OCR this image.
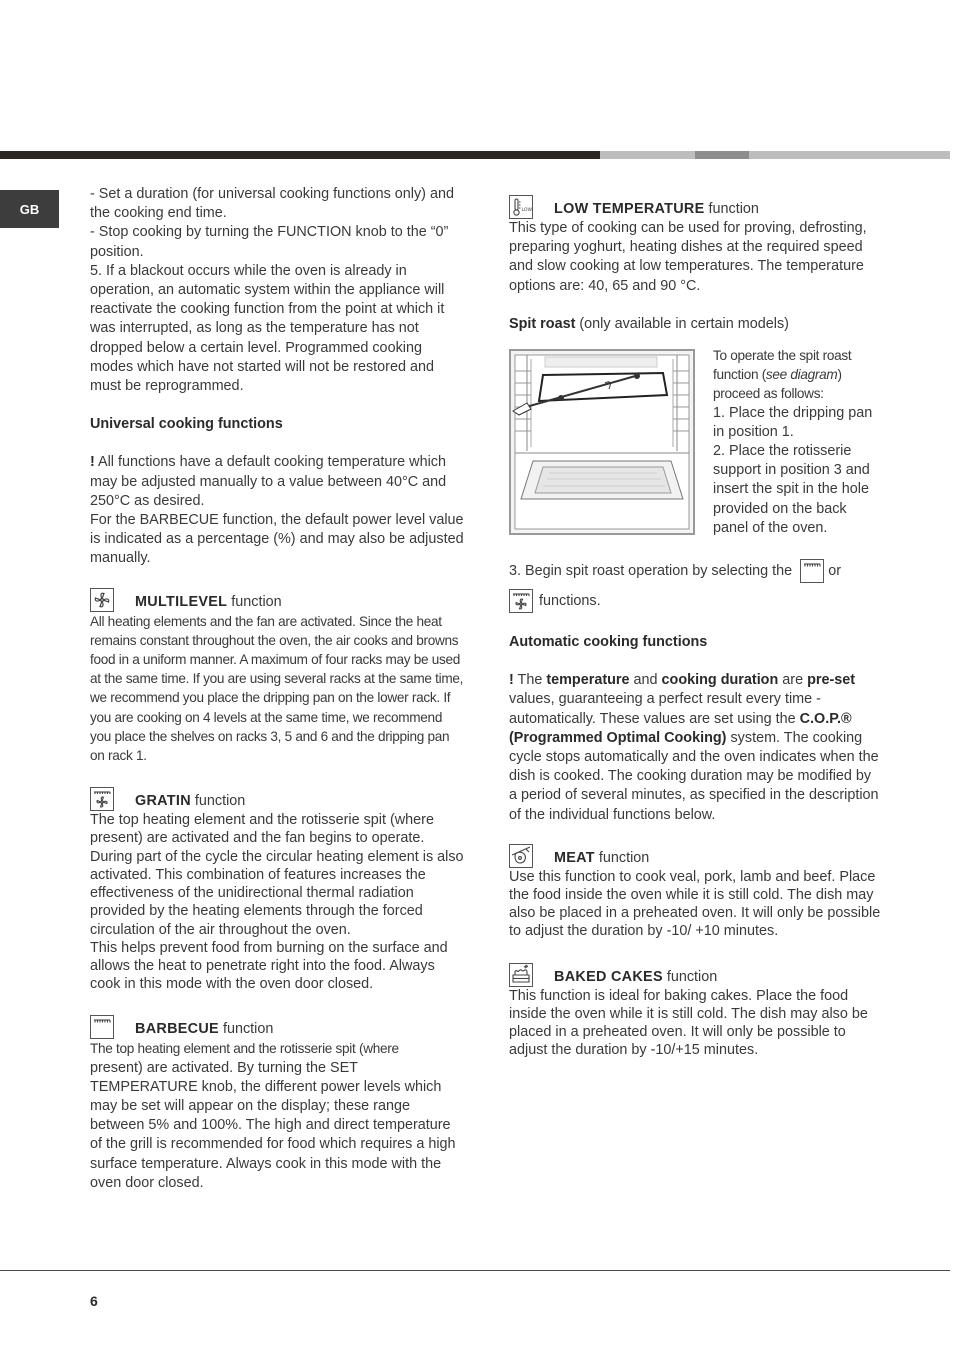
GB

- Set a duration (for universal cooking functions only) and the cooking end time.

- Stop cooking by turning the FUNCTION knob to the “0” position.

5. If a blackout occurs while the oven is already in operation, an automatic system within the appliance will reactivate the cooking function from the point at which it was interrupted, as long as the temperature has not dropped below a certain level. Programmed cooking modes which have not started will not be restored and must be reprogrammed.

Universal cooking functions

! All functions have a default cooking temperature which may be adjusted manually to a value between 40°C and 250°C as desired.

For the BARBECUE function, the default power level value is indicated as a percentage (%) and may also be adjusted manually.

MULTILEVEL function

All heating elements and the fan are activated. Since the heat remains constant throughout the oven, the air cooks and browns food in a uniform manner. A maximum of four racks may be used at the same time. If you are using several racks at the same time, we recommend you place the dripping pan on the lower rack. If you are cooking on 4 levels at the same time, we recommend you place the shelves on racks 3, 5 and 6 and the dripping pan on rack 1.

GRATIN function

The top heating element and the rotisserie spit (where present) are activated and the fan begins to operate. During part of the cycle the circular heating element is also activated. This combination of features increases the effectiveness of the unidirectional thermal radiation provided by the heating elements through the forced circulation of the air throughout the oven.

This helps prevent food from burning on the surface and allows the heat to penetrate right into the food. Always cook in this mode with the oven door closed.

BARBECUE function

The top heating element and the rotisserie spit (where

present) are activated. By turning the SET TEMPERATURE knob, the different power levels which may be set will appear on the display; these range between 5% and 100%. The high and direct temperature of the grill is recommended for food which requires a high surface temperature. Always cook in this mode with the oven door closed.

LOW LOW TEMPERATURE function

This type of cooking can be used for proving, defrosting, preparing yoghurt, heating dishes at the required speed and slow cooking at low temperatures. The temperature options are: 40, 65 and 90 °C.

Spit roast (only available in certain models)

To operate the spit roast function (see diagram) proceed as follows:

1. Place the dripping pan in position 1.

2. Place the rotisserie support in position 3 and insert the spit in the hole provided on the back panel of the oven.

3. Begin spit roast operation by selecting the	or

functions.

Automatic cooking functions

! The temperature and cooking duration are pre-set values, guaranteeing a perfect result every time - automatically. These values are set using the C.O.P.® (Programmed Optimal Cooking) system. The cooking cycle stops automatically and the oven indicates when the dish is cooked. The cooking duration may be modified by a period of several minutes, as specified in the description of the individual functions below.

MEAT function

Use this function to cook veal, pork, lamb and beef. Place the food inside the oven while it is still cold. The dish may also be placed in a preheated oven. It will only be possible to adjust the duration by -10/ +10 minutes.

BAKED CAKES function

This function is ideal for baking cakes. Place the food inside the oven while it is still cold. The dish may also be placed in a preheated oven. It will only be possible to adjust the duration by -10/+15 minutes.

6
